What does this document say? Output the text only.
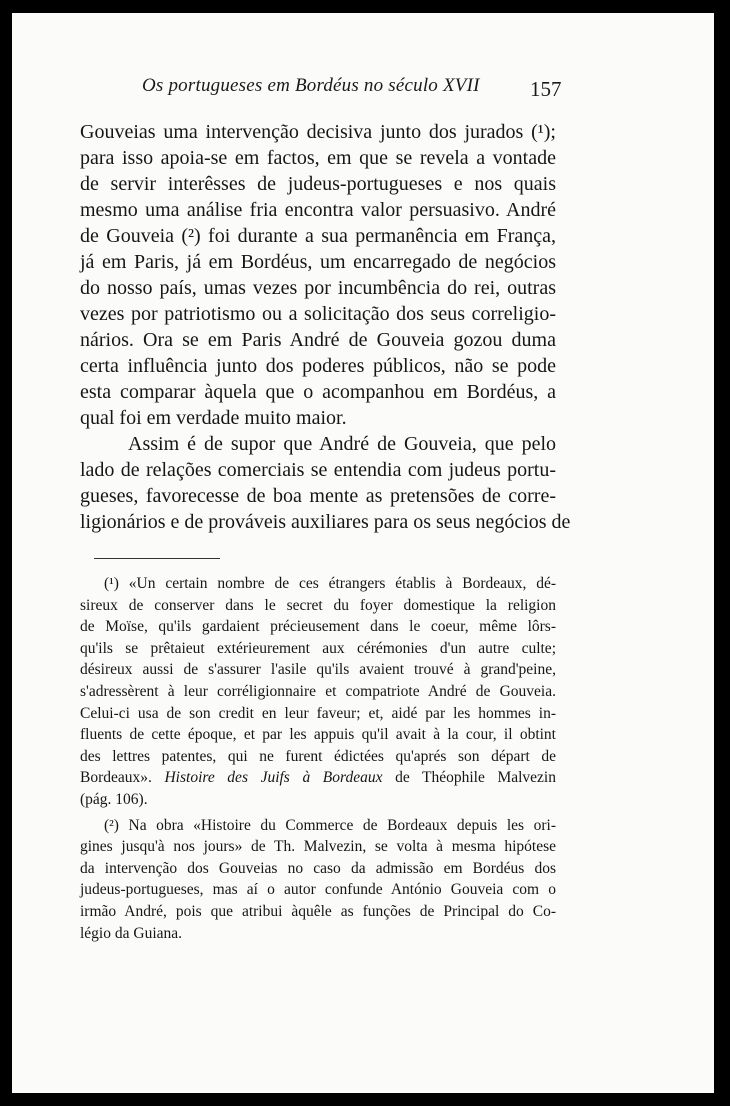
Os portugueses em Bordéus no século XVII 157
Gouveias uma intervenção decisiva junto dos jurados (¹);
para isso apoia-se em factos, em que se revela a vontade
de servir interêsses de judeus-portugueses e nos quais
mesmo uma análise fria encontra valor persuasivo. André
de Gouveia (²) foi durante a sua permanência em França,
já em Paris, já em Bordéus, um encarregado de negócios
do nosso país, umas vezes por incumbência do rei, outras
vezes por patriotismo ou a solicitação dos seus correligio-
nários. Ora se em Paris André de Gouveia gozou duma
certa influência junto dos poderes públicos, não se pode
esta comparar àquela que o acompanhou em Bordéus, a
qual foi em verdade muito maior.
Assim é de supor que André de Gouveia, que pelo
lado de relações comerciais se entendia com judeus portu-
gueses, favorecesse de boa mente as pretensões de corre-
ligionários e de prováveis auxiliares para os seus negócios de
(¹) «Un certain nombre de ces étrangers établis à Bordeaux, dé-
sireux de conserver dans le secret du foyer domestique la religion
de Moïse, qu'ils gardaient précieusement dans le coeur, même lôrs-
qu'ils se prêtaieut extérieurement aux cérémonies d'un autre culte;
désireux aussi de s'assurer l'asile qu'ils avaient trouvé à grand'peine,
s'adressèrent à leur corréligionnaire et compatriote André de Gouveia.
Celui-ci usa de son credit en leur faveur; et, aidé par les hommes in-
fluents de cette époque, et par les appuis qu'il avait à la cour, il obtint
des lettres patentes, qui ne furent édictées qu'aprés son départ de
Bordeaux». Histoire des Juifs à Bordeaux de Théophile Malvezin
(pág. 106).
(²) Na obra «Histoire du Commerce de Bordeaux depuis les ori-
gines jusqu'à nos jours» de Th. Malvezin, se volta à mesma hipótese
da intervenção dos Gouveias no caso da admissão em Bordéus dos
judeus-portugueses, mas aí o autor confunde António Gouveia com o
irmão André, pois que atribui àquêle as funções de Principal do Co-
légio da Guiana.
